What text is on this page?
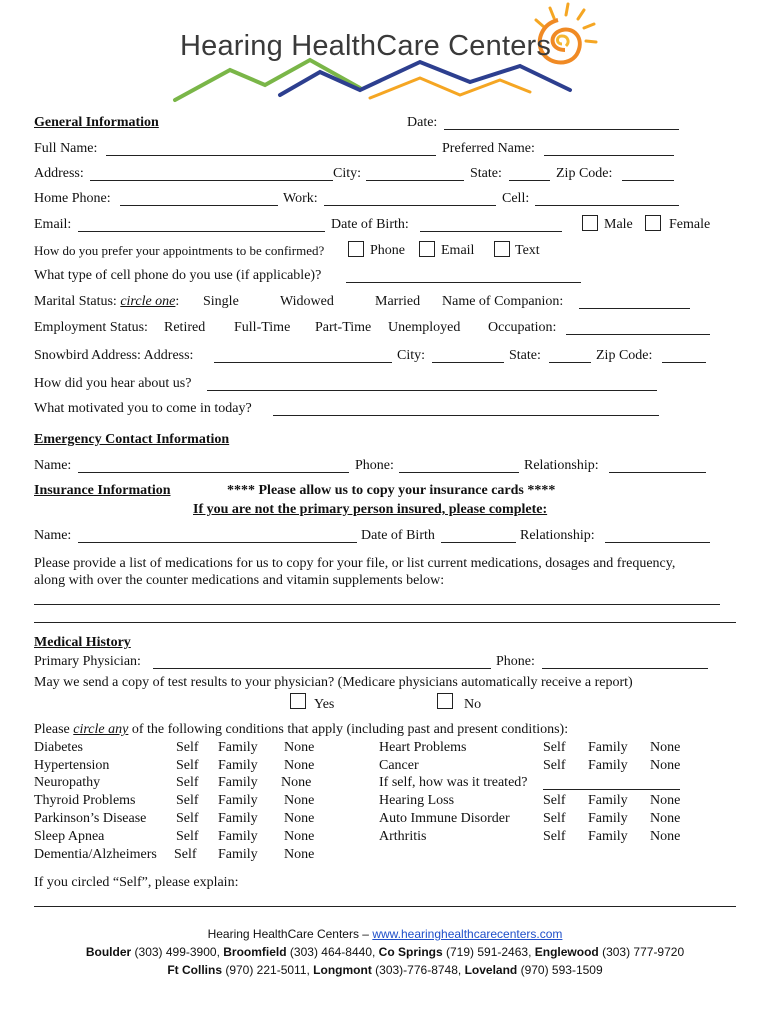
Hearing HealthCare Centers
General Information	Date:
Full Name:	Preferred Name:
Address:	City:	State:	Zip Code:
Home Phone:	Work:	Cell:
Email:	Date of Birth:	Male	Female
How do you prefer your appointments to be confirmed?	Phone	Email	Text
What type of cell phone do you use (if applicable)?
Marital Status: circle one: Single	Widowed	Married Name of Companion:
Employment Status: Retired Full-Time Part-Time Unemployed Occupation:
Snowbird Address: Address:	City:	State:	Zip Code:
How did you hear about us?
What motivated you to come in today?
Emergency Contact Information
Name:	Phone:	Relationship:
Insurance Information	**** Please allow us to copy your insurance cards ****
If you are not the primary person insured, please complete:
Name:	Date of Birth	Relationship:
Please provide a list of medications for us to copy for your file, or list current medications, dosages and frequency,
along with over the counter medications and vitamin supplements below:
Medical History
Primary Physician:	Phone:
May we send a copy of test results to your physician? (Medicare physicians automatically receive a report)
Yes	No
Please circle any of the following conditions that apply (including past and present conditions):
Diabetes	Self Family None
Hypertension	Self Family None
Neuropathy	Self Family None
Thyroid Problems	Self Family None
Parkinson’s Disease Self Family None
Sleep Apnea	Self Family None
Dementia/Alzheimers Self Family None
Heart Problems	Self Family None
Cancer	Self Family None
If self, how was it treated?
Hearing Loss	Self Family None
Auto Immune Disorder Self Family None
Arthritis	Self Family None
If you circled “Self”, please explain:
Hearing HealthCare Centers – www.hearinghealthcarecenters.com
Boulder (303) 499-3900, Broomfield (303) 464-8440, Co Springs (719) 591-2463, Englewood (303) 777-9720
Ft Collins (970) 221-5011, Longmont (303)-776-8748, Loveland (970) 593-1509
